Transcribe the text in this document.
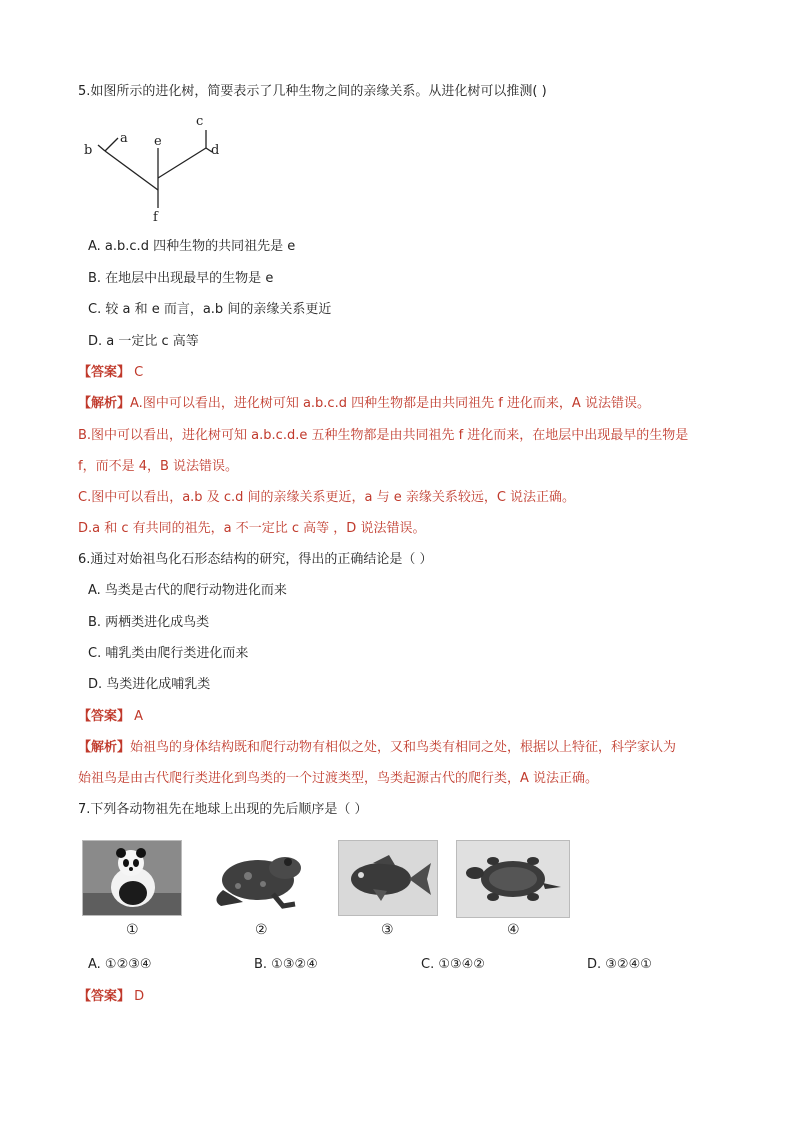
5.如图所示的进化树，简要表示了几种生物之间的亲缘关系。从进化树可以推测( )
a
b
c
d
e
f
A. a.b.c.d 四种生物的共同祖先是 e
B. 在地层中出现最早的生物是 e
C. 较 a 和 e 而言，a.b 间的亲缘关系更近
D. a 一定比 c 高等
【答案】 C
【解析】A.图中可以看出，进化树可知 a.b.c.d 四种生物都是由共同祖先 f 进化而来，A 说法错误。
B.图中可以看出，进化树可知 a.b.c.d.e 五种生物都是由共同祖先 f 进化而来，在地层中出现最早的生物是
f，而不是 4，B 说法错误。
C.图中可以看出，a.b 及 c.d 间的亲缘关系更近，a 与 e 亲缘关系较远，C 说法正确。
D.a 和 c 有共同的祖先，a 不一定比 c 高等 ，D 说法错误。
6.通过对始祖鸟化石形态结构的研究，得出的正确结论是（ ）
A. 鸟类是古代的爬行动物进化而来
B. 两栖类进化成鸟类
C. 哺乳类由爬行类进化而来
D. 鸟类进化成哺乳类
【答案】 A
【解析】始祖鸟的身体结构既和爬行动物有相似之处，又和鸟类有相同之处，根据以上特征，科学家认为
始祖鸟是由古代爬行类进化到鸟类的一个过渡类型，鸟类起源古代的爬行类，A 说法正确。
7.下列各动物祖先在地球上出现的先后顺序是（ ）
①	②	③	④
A. ①②③④	B. ①③②④	C. ①③④②	D. ③②④①
【答案】 D
